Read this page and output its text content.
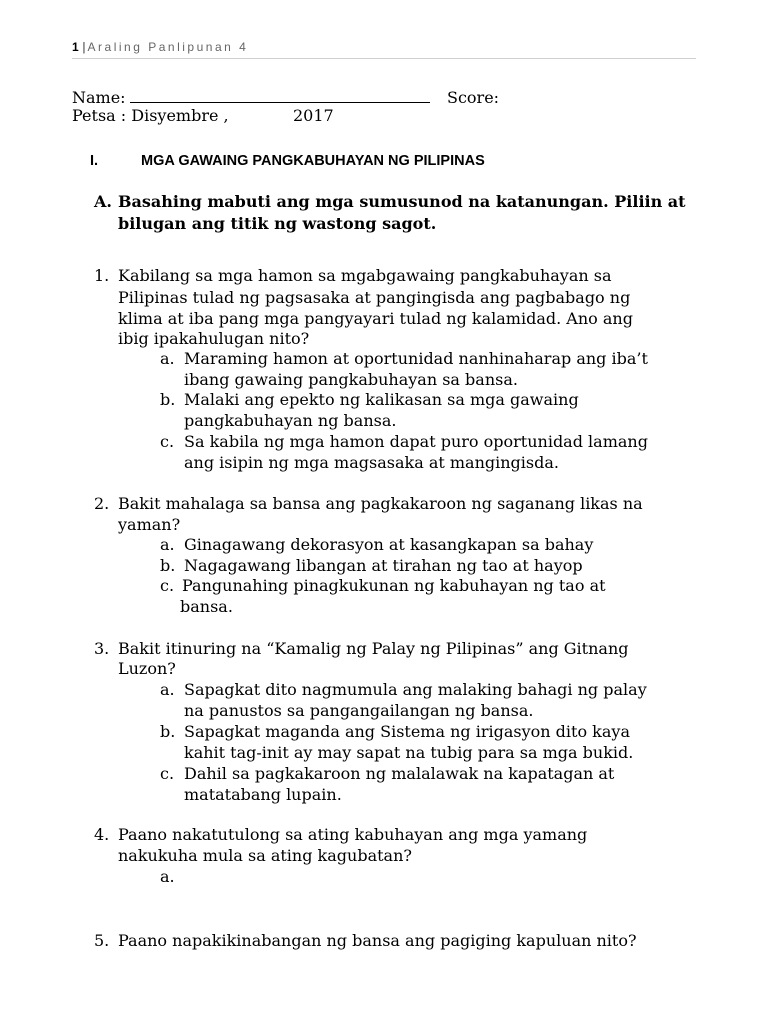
1| Araling Panlipunan 4
Name:	Score:
Petsa : Disyembre ,	2017
I.	MGA GAWAING PANGKABUHAYAN NG PILIPINAS
A. Basahing mabuti ang mga sumusunod na katanungan. Piliin at
bilugan ang titik ng wastong sagot.
1. Kabilang sa mga hamon sa mgabgawaing pangkabuhayan sa
Pilipinas tulad ng pagsasaka at pangingisda ang pagbabago ng
klima at iba pang mga pangyayari tulad ng kalamidad. Ano ang
ibig ipakahulugan nito?
a. Maraming hamon at oportunidad nanhinaharap ang iba’t
ibang gawaing pangkabuhayan sa bansa.
b. Malaki ang epekto ng kalikasan sa mga gawaing
pangkabuhayan ng bansa.
c. Sa kabila ng mga hamon dapat puro oportunidad lamang
ang isipin ng mga magsasaka at mangingisda.
2. Bakit mahalaga sa bansa ang pagkakaroon ng saganang likas na
yaman?
a. Ginagawang dekorasyon at kasangkapan sa bahay
b. Nagagawang libangan at tirahan ng tao at hayop
c. Pangunahing pinagkukunan ng kabuhayan ng tao at
bansa.
3. Bakit itinuring na “Kamalig ng Palay ng Pilipinas” ang Gitnang
Luzon?
a. Sapagkat dito nagmumula ang malaking bahagi ng palay
na panustos sa pangangailangan ng bansa.
b. Sapagkat maganda ang Sistema ng irigasyon dito kaya
kahit tag-init ay may sapat na tubig para sa mga bukid.
c. Dahil sa pagkakaroon ng malalawak na kapatagan at
matatabang lupain.
4. Paano nakatutulong sa ating kabuhayan ang mga yamang
nakukuha mula sa ating kagubatan?
a.
5. Paano napakikinabangan ng bansa ang pagiging kapuluan nito?
